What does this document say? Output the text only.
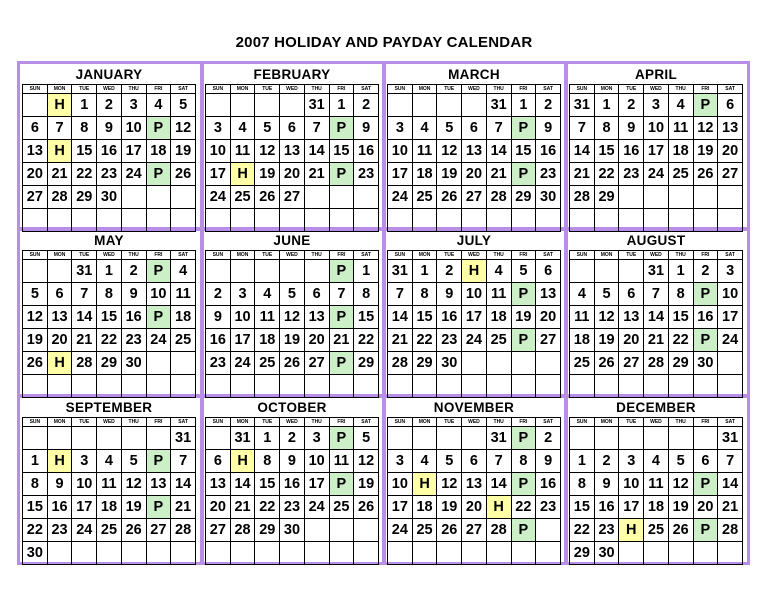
2007 HOLIDAY AND PAYDAY CALENDAR
JANUARY
SUN	MON	TUE	WED	THU	FRI	SAT
	H	1	2	3	4	5
6	7	8	9	10	P	12
13	H	15	16	17	18	19
20	21	22	23	24	P	26
27	28	29	30			

FEBRUARY
SUN	MON	TUE	WED	THU	FRI	SAT
				31	1	2
3	4	5	6	7	P	9
10	11	12	13	14	15	16
17	H	19	20	21	P	23
24	25	26	27			

MARCH
SUN	MON	TUE	WED	THU	FRI	SAT
				31	1	2
3	4	5	6	7	P	9
10	11	12	13	14	15	16
17	18	19	20	21	P	23
24	25	26	27	28	29	30

APRIL
SUN	MON	TUE	WED	THU	FRI	SAT
31	1	2	3	4	P	6
7	8	9	10	11	12	13
14	15	16	17	18	19	20
21	22	23	24	25	26	27
28	29					

MAY
SUN	MON	TUE	WED	THU	FRI	SAT
		31	1	2	P	4
5	6	7	8	9	10	11
12	13	14	15	16	P	18
19	20	21	22	23	24	25
26	H	28	29	30		

JUNE
SUN	MON	TUE	WED	THU	FRI	SAT
					P	1
2	3	4	5	6	7	8
9	10	11	12	13	P	15
16	17	18	19	20	21	22
23	24	25	26	27	P	29

JULY
SUN	MON	TUE	WED	THU	FRI	SAT
31	1	2	H	4	5	6
7	8	9	10	11	P	13
14	15	16	17	18	19	20
21	22	23	24	25	P	27
28	29	30				

AUGUST
SUN	MON	TUE	WED	THU	FRI	SAT
			31	1	2	3
4	5	6	7	8	P	10
11	12	13	14	15	16	17
18	19	20	21	22	P	24
25	26	27	28	29	30	

SEPTEMBER
SUN	MON	TUE	WED	THU	FRI	SAT
						31
1	H	3	4	5	P	7
8	9	10	11	12	13	14
15	16	17	18	19	P	21
22	23	24	25	26	27	28
30						
OCTOBER
SUN	MON	TUE	WED	THU	FRI	SAT
	31	1	2	3	P	5
6	H	8	9	10	11	12
13	14	15	16	17	P	19
20	21	22	23	24	25	26
27	28	29	30			

NOVEMBER
SUN	MON	TUE	WED	THU	FRI	SAT
				31	P	2
3	4	5	6	7	8	9
10	H	12	13	14	P	16
17	18	19	20	H	22	23
24	25	26	27	28	P	

DECEMBER
SUN	MON	TUE	WED	THU	FRI	SAT
						31
1	2	3	4	5	6	7
8	9	10	11	12	P	14
15	16	17	18	19	20	21
22	23	H	25	26	P	28
29	30					
